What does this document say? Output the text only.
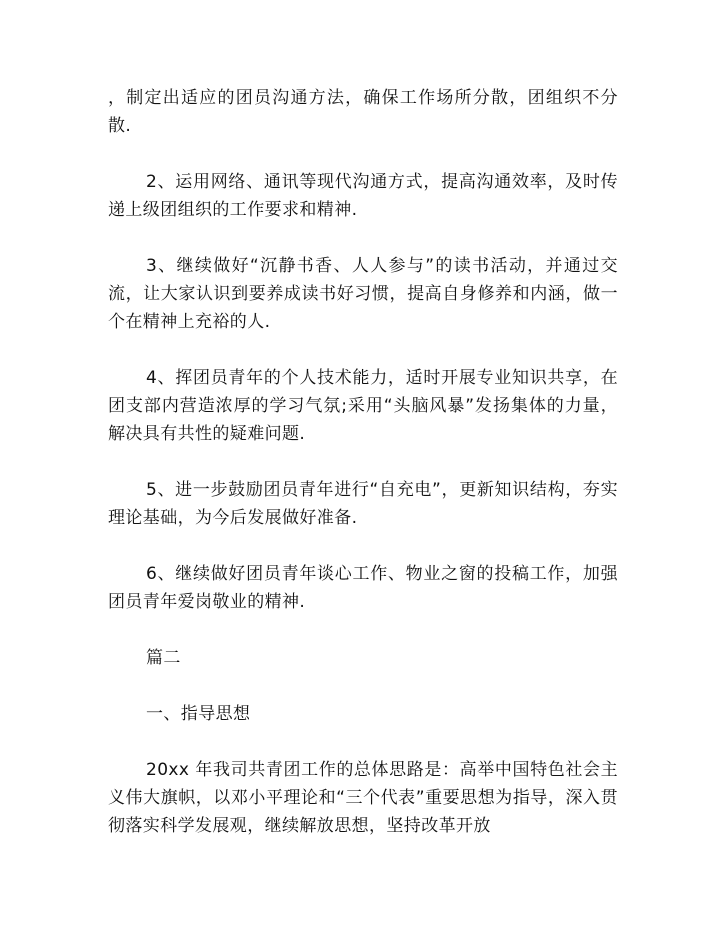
，制定出适应的团员沟通方法，确保工作场所分散，团组织不分散.

2、运用网络、通讯等现代沟通方式，提高沟通效率，及时传递上级团组织的工作要求和精神.

3、继续做好“沉静书香、人人参与”的读书活动，并通过交流，让大家认识到要养成读书好习惯，提高自身修养和内涵，做一个在精神上充裕的人.

4、挥团员青年的个人技术能力，适时开展专业知识共享，在团支部内营造浓厚的学习气氛;采用“头脑风暴”发扬集体的力量，解决具有共性的疑难问题.

5、进一步鼓励团员青年进行“自充电”，更新知识结构，夯实理论基础，为今后发展做好准备.

6、继续做好团员青年谈心工作、物业之窗的投稿工作，加强团员青年爱岗敬业的精神.

篇二

一、指导思想

20xx 年我司共青团工作的总体思路是：高举中国特色社会主义伟大旗帜，以邓小平理论和“三个代表”重要思想为指导，深入贯彻落实科学发展观，继续解放思想，坚持改革开放
